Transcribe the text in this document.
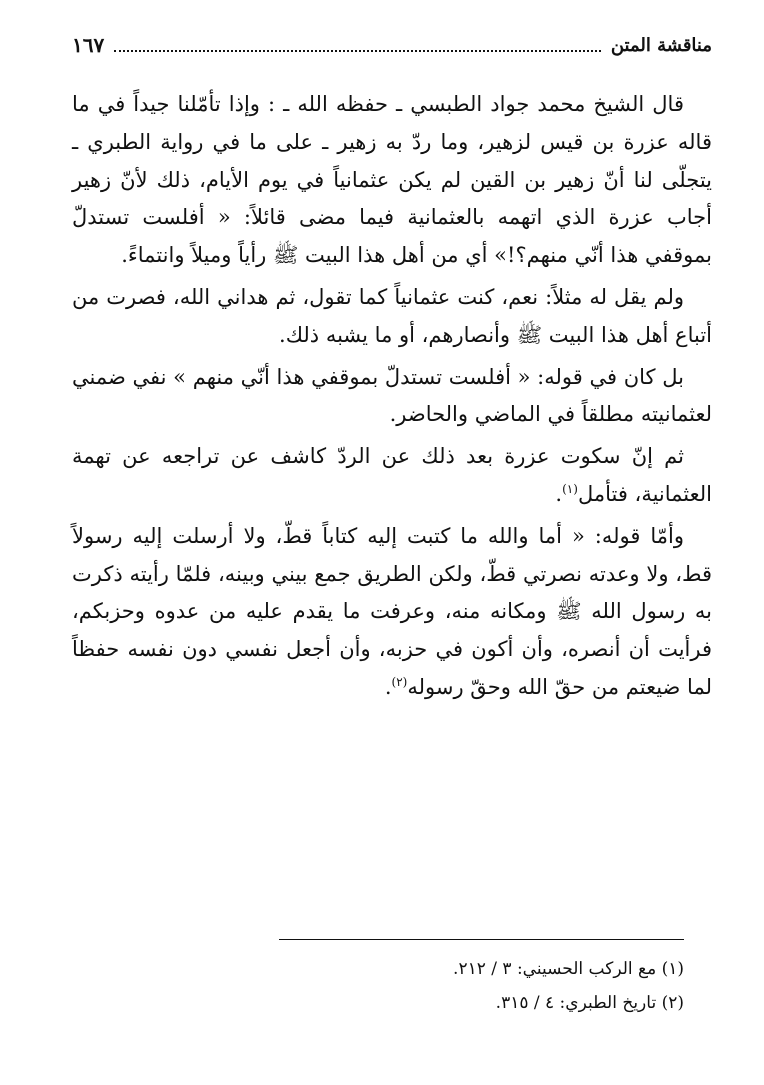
مناقشة المتن
١٦٧

قال الشيخ محمد جواد الطبسي ـ حفظه الله ـ : وإذا تأمّلنا جيداً في ما قاله عزرة بن قيس لزهير، وما ردّ به زهير ـ على ما في رواية الطبري ـ يتجلّى لنا أنّ زهير بن القين لم يكن عثمانياً في يوم الأيام، ذلك لأنّ زهير أجاب عزرة الذي اتهمه بالعثمانية فيما مضى قائلاً: « أفلست تستدلّ بموقفي هذا أنّي منهم؟!» أي من أهل هذا البيت ﷺ رأياً وميلاً وانتماءً.

ولم يقل له مثلاً: نعم، كنت عثمانياً كما تقول، ثم هداني الله، فصرت من أتباع أهل هذا البيت ﷺ وأنصارهم، أو ما يشبه ذلك.

بل كان في قوله: « أفلست تستدلّ بموقفي هذا أنّي منهم » نفي ضمني لعثمانيته مطلقاً في الماضي والحاضر.

ثم إنّ سكوت عزرة بعد ذلك عن الردّ كاشف عن تراجعه عن تهمة العثمانية، فتأمل$^{(١)}$.

وأمّا قوله: « أما والله ما كتبت إليه كتاباً قطّ، ولا أرسلت إليه رسولاً قط، ولا وعدته نصرتي قطّ، ولكن الطريق جمع بيني وبينه، فلمّا رأيته ذكرت به رسول الله ﷺ ومكانه منه، وعرفت ما يقدم عليه من عدوه وحزبكم، فرأيت أن أنصره، وأن أكون في حزبه، وأن أجعل نفسي دون نفسه حفظاً لما ضيعتم من حقّ الله وحقّ رسوله$^{(٢)}$.

(١) مع الركب الحسيني: ٣ / ٢١٢.

(٢) تاريخ الطبري: ٤ / ٣١٥.
